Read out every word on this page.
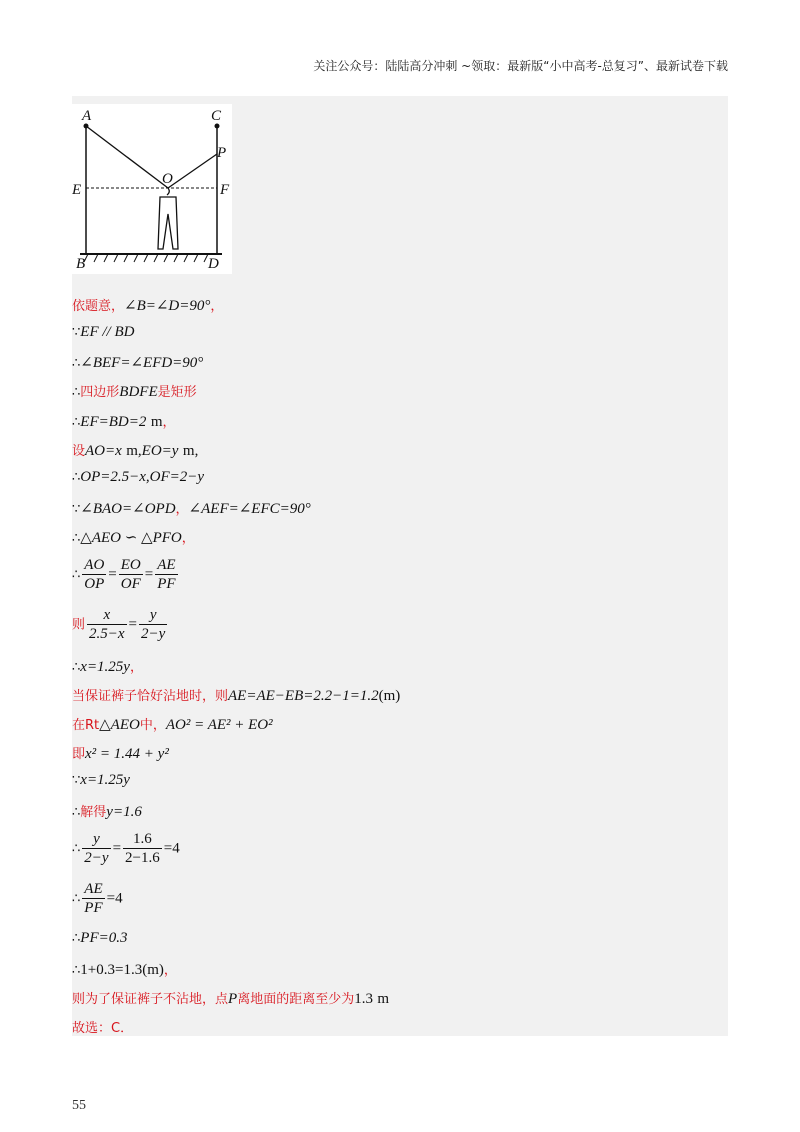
关注公众号：陆陆高分冲刺 ~领取：最新版“小中高考-总复习”、最新试卷下载
A	C
P
O
E	F
B	D
依题意，∠B=∠D=90°，
∵EF // BD
∴∠BEF=∠EFD=90°
∴四边形BDFE是矩形
∴EF=BD=2 m，
设AO=x m,EO=y m,
∴OP=2.5−x,OF=2−y
∵∠BAO=∠OPD，∠AEF=∠EFC=90°
∴△AEO ∽ △PFO，
∴ $\frac{AO}{OP} = \frac{EO}{OF} = \frac{AE}{PF}$
则 $\frac{x}{2.5-x} = \frac{y}{2-y}$
∴x=1.25y，
当保证裤子恰好沾地时，则AE=AE−EB=2.2−1=1.2(m)
在Rt△AEO中，AO² = AE² + EO²
即x² = 1.44 + y²
∵x=1.25y
∴解得y=1.6
∴ $\frac{y}{2-y} = \frac{1.6}{2-1.6} =4$
∴ $\frac{AE}{PF} =4$
∴PF=0.3
∴1+0.3=1.3(m)，
则为了保证裤子不沾地，点P离地面的距离至少为1.3 m
故选：C．
55
